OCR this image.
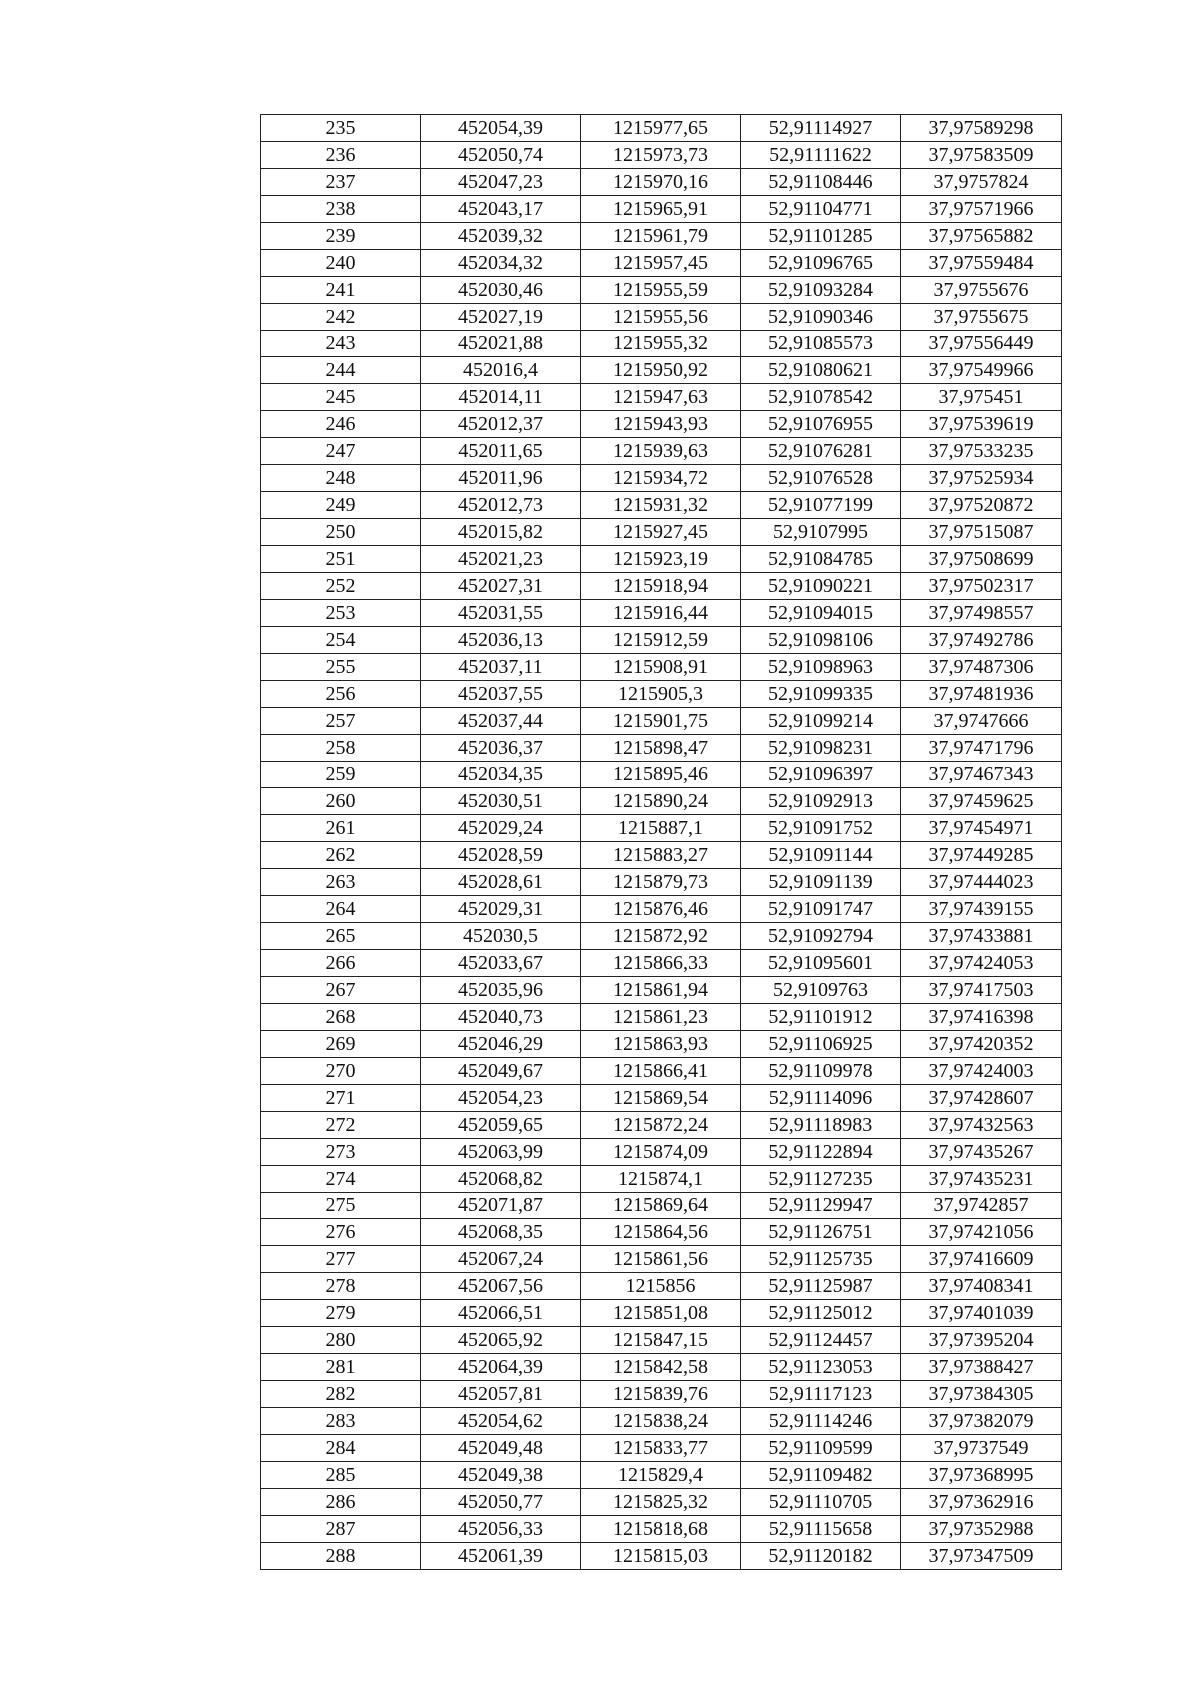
235	452054,39	1215977,65	52,91114927	37,97589298
236	452050,74	1215973,73	52,91111622	37,97583509
237	452047,23	1215970,16	52,91108446	37,9757824
238	452043,17	1215965,91	52,91104771	37,97571966
239	452039,32	1215961,79	52,91101285	37,97565882
240	452034,32	1215957,45	52,91096765	37,97559484
241	452030,46	1215955,59	52,91093284	37,9755676
242	452027,19	1215955,56	52,91090346	37,9755675
243	452021,88	1215955,32	52,91085573	37,97556449
244	452016,4	1215950,92	52,91080621	37,97549966
245	452014,11	1215947,63	52,91078542	37,975451
246	452012,37	1215943,93	52,91076955	37,97539619
247	452011,65	1215939,63	52,91076281	37,97533235
248	452011,96	1215934,72	52,91076528	37,97525934
249	452012,73	1215931,32	52,91077199	37,97520872
250	452015,82	1215927,45	52,9107995	37,97515087
251	452021,23	1215923,19	52,91084785	37,97508699
252	452027,31	1215918,94	52,91090221	37,97502317
253	452031,55	1215916,44	52,91094015	37,97498557
254	452036,13	1215912,59	52,91098106	37,97492786
255	452037,11	1215908,91	52,91098963	37,97487306
256	452037,55	1215905,3	52,91099335	37,97481936
257	452037,44	1215901,75	52,91099214	37,9747666
258	452036,37	1215898,47	52,91098231	37,97471796
259	452034,35	1215895,46	52,91096397	37,97467343
260	452030,51	1215890,24	52,91092913	37,97459625
261	452029,24	1215887,1	52,91091752	37,97454971
262	452028,59	1215883,27	52,91091144	37,97449285
263	452028,61	1215879,73	52,91091139	37,97444023
264	452029,31	1215876,46	52,91091747	37,97439155
265	452030,5	1215872,92	52,91092794	37,97433881
266	452033,67	1215866,33	52,91095601	37,97424053
267	452035,96	1215861,94	52,9109763	37,97417503
268	452040,73	1215861,23	52,91101912	37,97416398
269	452046,29	1215863,93	52,91106925	37,97420352
270	452049,67	1215866,41	52,91109978	37,97424003
271	452054,23	1215869,54	52,91114096	37,97428607
272	452059,65	1215872,24	52,91118983	37,97432563
273	452063,99	1215874,09	52,91122894	37,97435267
274	452068,82	1215874,1	52,91127235	37,97435231
275	452071,87	1215869,64	52,91129947	37,9742857
276	452068,35	1215864,56	52,91126751	37,97421056
277	452067,24	1215861,56	52,91125735	37,97416609
278	452067,56	1215856	52,91125987	37,97408341
279	452066,51	1215851,08	52,91125012	37,97401039
280	452065,92	1215847,15	52,91124457	37,97395204
281	452064,39	1215842,58	52,91123053	37,97388427
282	452057,81	1215839,76	52,91117123	37,97384305
283	452054,62	1215838,24	52,91114246	37,97382079
284	452049,48	1215833,77	52,91109599	37,9737549
285	452049,38	1215829,4	52,91109482	37,97368995
286	452050,77	1215825,32	52,91110705	37,97362916
287	452056,33	1215818,68	52,91115658	37,97352988
288	452061,39	1215815,03	52,91120182	37,97347509
